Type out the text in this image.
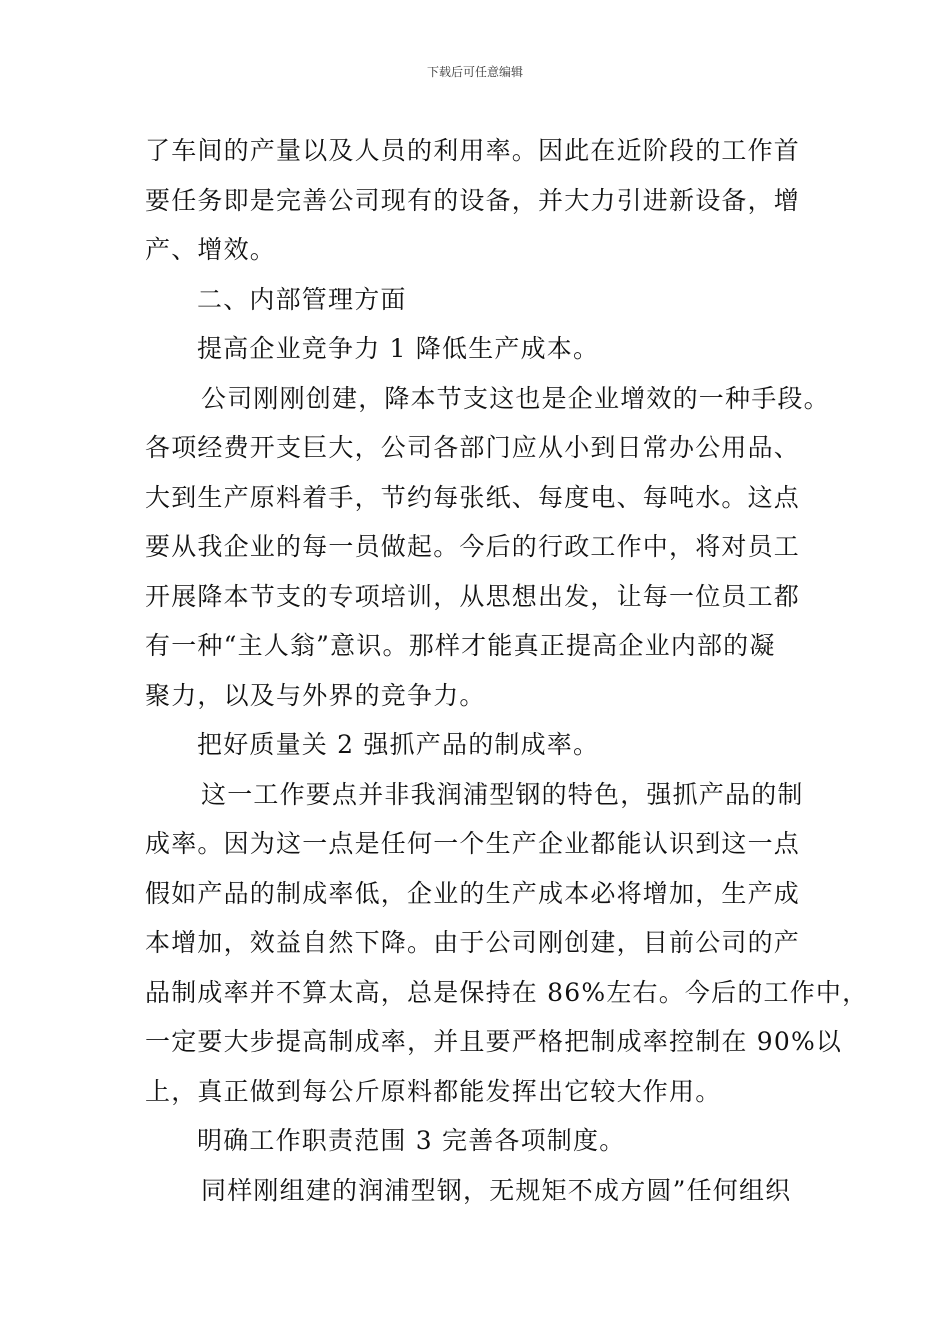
下载后可任意编辑
了车间的产量以及人员的利用率。因此在近阶段的工作首
要任务即是完善公司现有的设备，并大力引进新设备，增
产、增效。
二、内部管理方面
提高企业竞争力 1 降低生产成本。
公司刚刚创建，降本节支这也是企业增效的一种手段。
各项经费开支巨大，公司各部门应从小到日常办公用品、
大到生产原料着手，节约每张纸、每度电、每吨水。这点
要从我企业的每一员做起。今后的行政工作中，将对员工
开展降本节支的专项培训，从思想出发，让每一位员工都
有一种“主人翁”意识。那样才能真正提高企业内部的凝
聚力，以及与外界的竞争力。
把好质量关 2 强抓产品的制成率。
这一工作要点并非我润浦型钢的特色，强抓产品的制
成率。因为这一点是任何一个生产企业都能认识到这一点
假如产品的制成率低，企业的生产成本必将增加，生产成
本增加，效益自然下降。由于公司刚创建，目前公司的产
品制成率并不算太高，总是保持在 86%左右。今后的工作中，
一定要大步提高制成率，并且要严格把制成率控制在 90%以
上，真正做到每公斤原料都能发挥出它较大作用。
明确工作职责范围 3 完善各项制度。
同样刚组建的润浦型钢，无规矩不成方圆”任何组织
